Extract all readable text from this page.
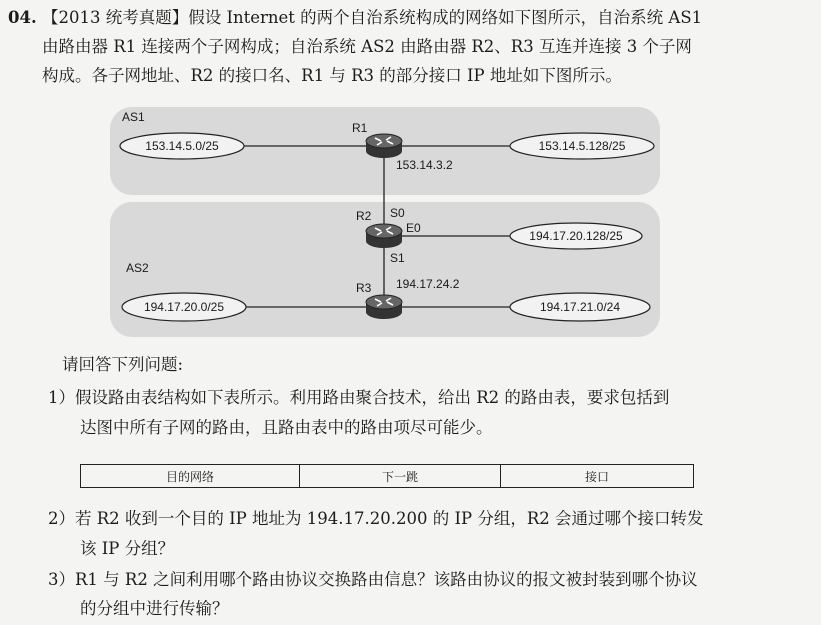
04. 【2013 统考真题】假设 Internet 的两个自治系统构成的网络如下图所示，自治系统 AS1
由路由器 R1 连接两个子网构成；自治系统 AS2 由路由器 R2、R3 互连并连接 3 个子网
构成。各子网地址、R2 的接口名、R1 与 R3 的部分接口 IP 地址如下图所示。
AS1
AS2
153.14.5.0/25	153.14.5.128/25
194.17.20.128/25
194.17.20.0/25	194.17.21.0/24
R1
R2
R3
153.14.3.2
S0
E0
S1
194.17.24.2
请回答下列问题:
1）假设路由表结构如下表所示。利用路由聚合技术，给出 R2 的路由表，要求包括到
达图中所有子网的路由，且路由表中的路由项尽可能少。
目的网络	下一跳	接口
2）若 R2 收到一个目的 IP 地址为 194.17.20.200 的 IP 分组，R2 会通过哪个接口转发
该 IP 分组？
3）R1 与 R2 之间利用哪个路由协议交换路由信息？该路由协议的报文被封装到哪个协议
的分组中进行传输？
